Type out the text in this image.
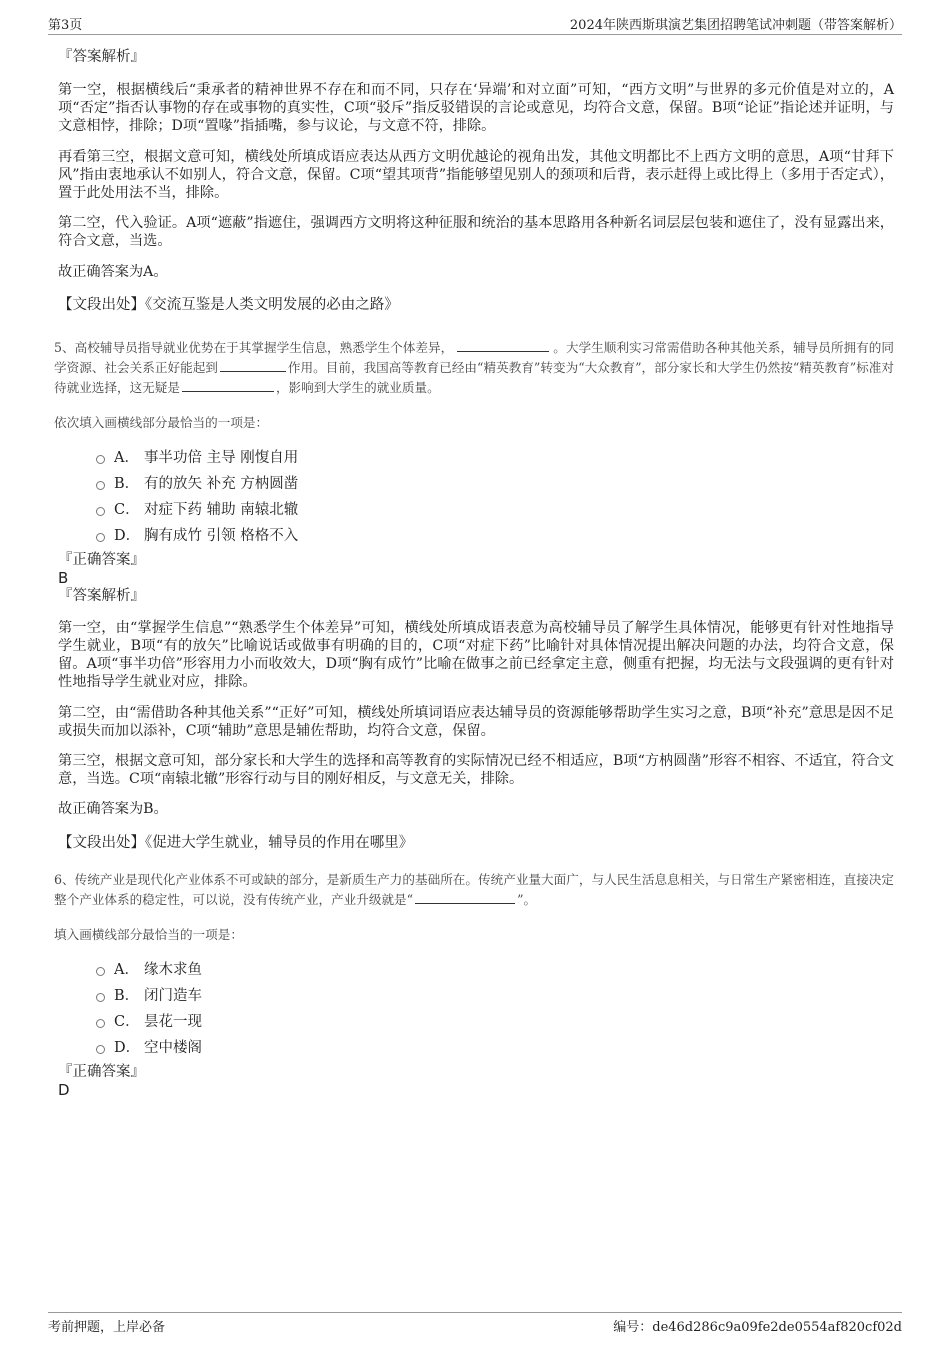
第3页	2024年陕西斯琪演艺集团招聘笔试冲刺题（带答案解析）

『答案解析』

第一空，根据横线后“秉承者的精神世界不存在和而不同，只存在‘异端’和对立面”可知，“西方文明”与世界的多元价值是对立的，A项“否定”指否认事物的存在或事物的真实性，C项“驳斥”指反驳错误的言论或意见，均符合文意，保留。B项“论证”指论述并证明，与文意相悖，排除；D项“置喙”指插嘴，参与议论，与文意不符，排除。

再看第三空，根据文意可知，横线处所填成语应表达从西方文明优越论的视角出发，其他文明都比不上西方文明的意思，A项“甘拜下风”指由衷地承认不如别人，符合文意，保留。C项“望其项背”指能够望见别人的颈项和后背，表示赶得上或比得上（多用于否定式），置于此处用法不当，排除。

第二空，代入验证。A项“遮蔽”指遮住，强调西方文明将这种征服和统治的基本思路用各种新名词层层包装和遮住了，没有显露出来，符合文意，当选。

故正确答案为A。

【文段出处】《交流互鉴是人类文明发展的必由之路》

5、高校辅导员指导就业优势在于其掌握学生信息，熟悉学生个体差异，	。大学生顺利实习常需借助各种其他关系，辅导员所拥有的同学资源、社会关系正好能起到	作用。目前，我国高等教育已经由“精英教育”转变为“大众教育”，部分家长和大学生仍然按“精英教育”标准对待就业选择，这无疑是	，影响到大学生的就业质量。

依次填入画横线部分最恰当的一项是：

A． 事半功倍 主导 刚愎自用
B． 有的放矢 补充 方枘圆凿
C． 对症下药 辅助 南辕北辙
D． 胸有成竹 引领 格格不入

『正确答案』

B

『答案解析』

第一空，由“掌握学生信息”“熟悉学生个体差异”可知，横线处所填成语表意为高校辅导员了解学生具体情况，能够更有针对性地指导学生就业，B项“有的放矢”比喻说话或做事有明确的目的，C项“对症下药”比喻针对具体情况提出解决问题的办法，均符合文意，保留。A项“事半功倍”形容用力小而收效大，D项“胸有成竹”比喻在做事之前已经拿定主意，侧重有把握，均无法与文段强调的更有针对性地指导学生就业对应，排除。

第二空，由“需借助各种其他关系”“正好”可知，横线处所填词语应表达辅导员的资源能够帮助学生实习之意，B项“补充”意思是因不足或损失而加以添补，C项“辅助”意思是辅佐帮助，均符合文意，保留。

第三空，根据文意可知，部分家长和大学生的选择和高等教育的实际情况已经不相适应，B项“方枘圆凿”形容不相容、不适宜，符合文意，当选。C项“南辕北辙”形容行动与目的刚好相反，与文意无关，排除。

故正确答案为B。

【文段出处】《促进大学生就业，辅导员的作用在哪里》

6、传统产业是现代化产业体系不可或缺的部分，是新质生产力的基础所在。传统产业量大面广，与人民生活息息相关，与日常生产紧密相连，直接决定整个产业体系的稳定性，可以说，没有传统产业，产业升级就是“	”。

填入画横线部分最恰当的一项是：

A． 缘木求鱼
B． 闭门造车
C． 昙花一现
D． 空中楼阁

『正确答案』

D

考前押题，上岸必备	编号：de46d286c9a09fe2de0554af820cf02d
